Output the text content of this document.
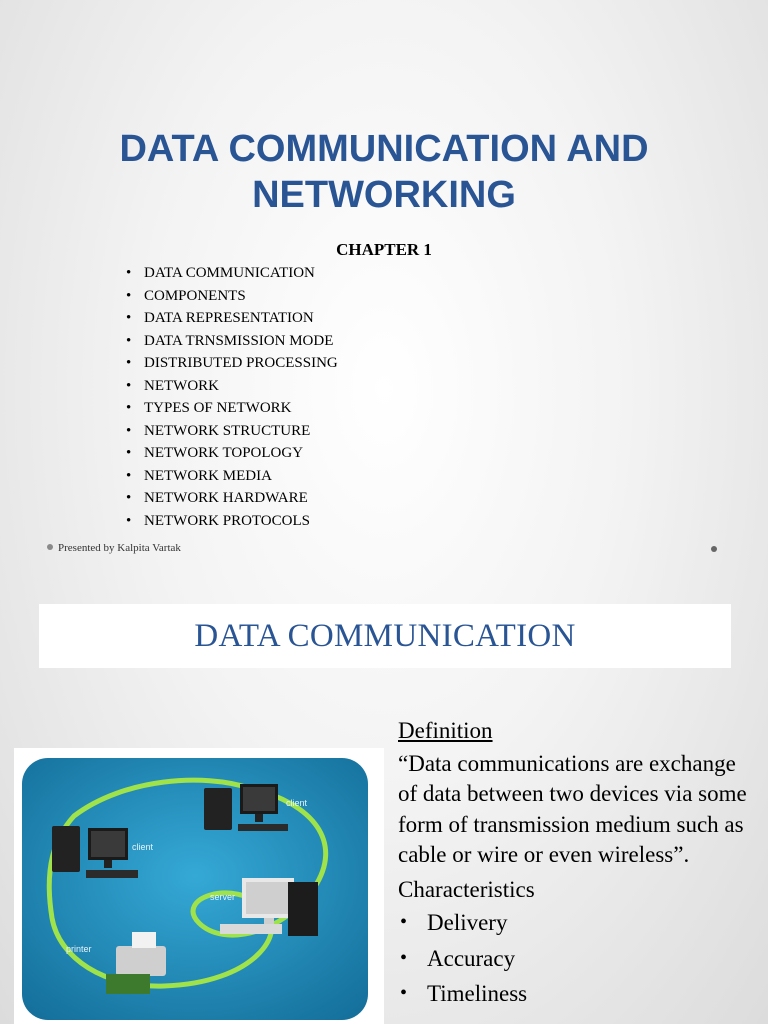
DATA COMMUNICATION AND
NETWORKING
CHAPTER 1
• DATA COMMUNICATION
• COMPONENTS
• DATA REPRESENTATION
• DATA TRNSMISSION MODE
• DISTRIBUTED PROCESSING
• NETWORK
• TYPES OF NETWORK
• NETWORK STRUCTURE
• NETWORK TOPOLOGY
• NETWORK MEDIA
• NETWORK HARDWARE
• NETWORK PROTOCOLS
Presented by Kalpita Vartak
DATA COMMUNICATION
client
client
server
printer
Definition
“Data communications are exchange of data between two devices via some form of transmission medium such as cable or wire or even wireless”.
Characteristics
• Delivery
• Accuracy
• Timeliness
